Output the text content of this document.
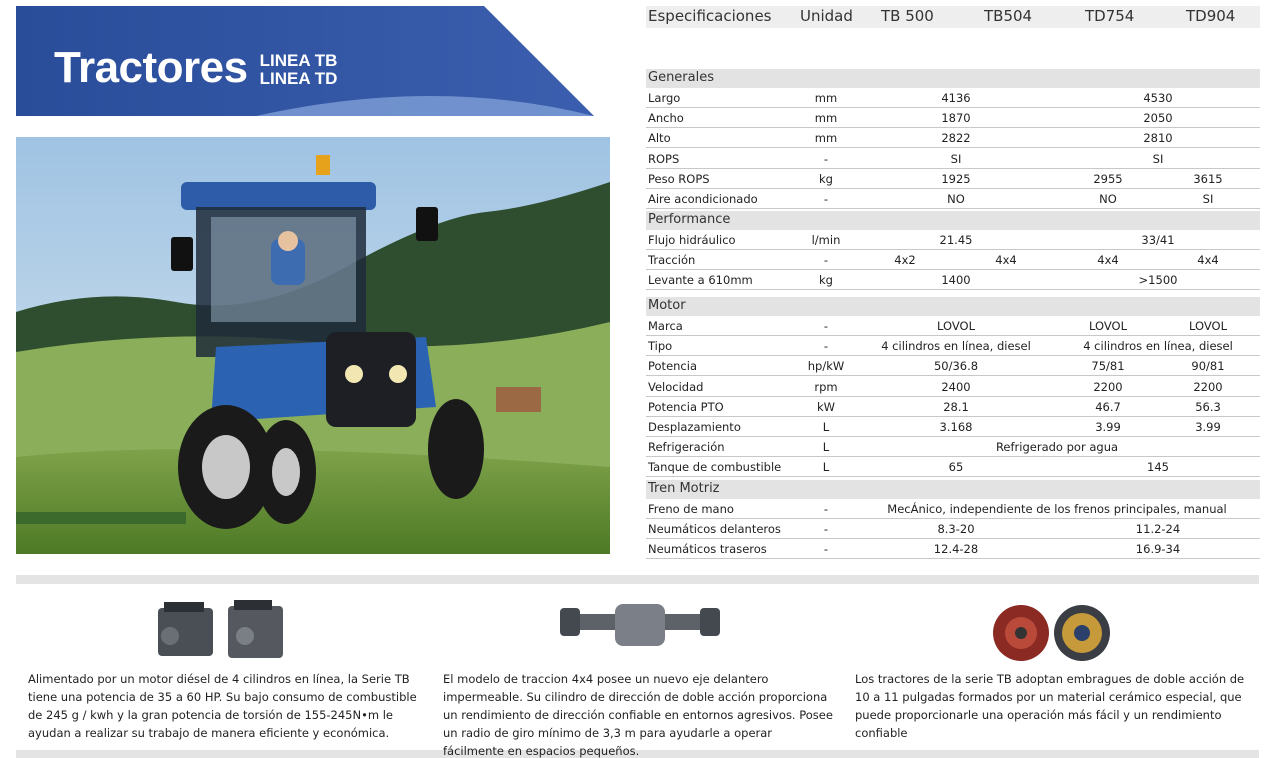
Tractores LINEA TB
LINEA TD
Especificaciones Unidad TB 500	TB504	TD754	TD904
Generales
Largo	mm	4136	4530
Ancho	mm	1870	2050
Alto	mm	2822	2810
ROPS	-	SI	SI
Peso ROPS	kg	1925	2955	3615
Aire acondicionado	-	NO	NO	SI
Performance
Flujo hidráulico	l/min	21.45	33/41
Tracción	-	4x2	4x4	4x4	4x4
Levante a 610mm	kg	1400	>1500
Motor
Marca	-	LOVOL	LOVOL	LOVOL
Tipo	-	4 cilindros en línea, diesel	4 cilindros en línea, diesel
Potencia	hp/kW	50/36.8	75/81	90/81
Velocidad	rpm	2400	2200	2200
Potencia PTO	kW	28.1	46.7	56.3
Desplazamiento	L	3.168	3.99	3.99
Refrigeración	L	Refrigerado por agua
Tanque de combustible	L	65	145
Tren Motriz
Freno de mano	-	MecÁnico, independiente de los frenos principales, manual
Neumáticos delanteros	-	8.3-20	11.2-24
Neumáticos traseros	-	12.4-28	16.9-34
Alimentado por un motor diésel de 4 cilindros en línea, la Serie TB tiene una potencia de 35 a 60 HP. Su bajo consumo de combustible de 245 g / kwh y la gran potencia de torsión de 155-245N•m le ayudan a realizar su trabajo de manera eficiente y económica.
El modelo de traccion 4x4 posee un nuevo eje delantero impermeable. Su cilindro de dirección de doble acción proporciona un rendimiento de dirección confiable en entornos agresivos. Posee un radio de giro mínimo de 3,3 m para ayudarle a operar fácilmente en espacios pequeños.
Los tractores de la serie TB adoptan embragues de doble acción de 10 a 11 pulgadas formados por un material cerámico especial, que puede proporcionarle una operación más fácil y un rendimiento confiable
